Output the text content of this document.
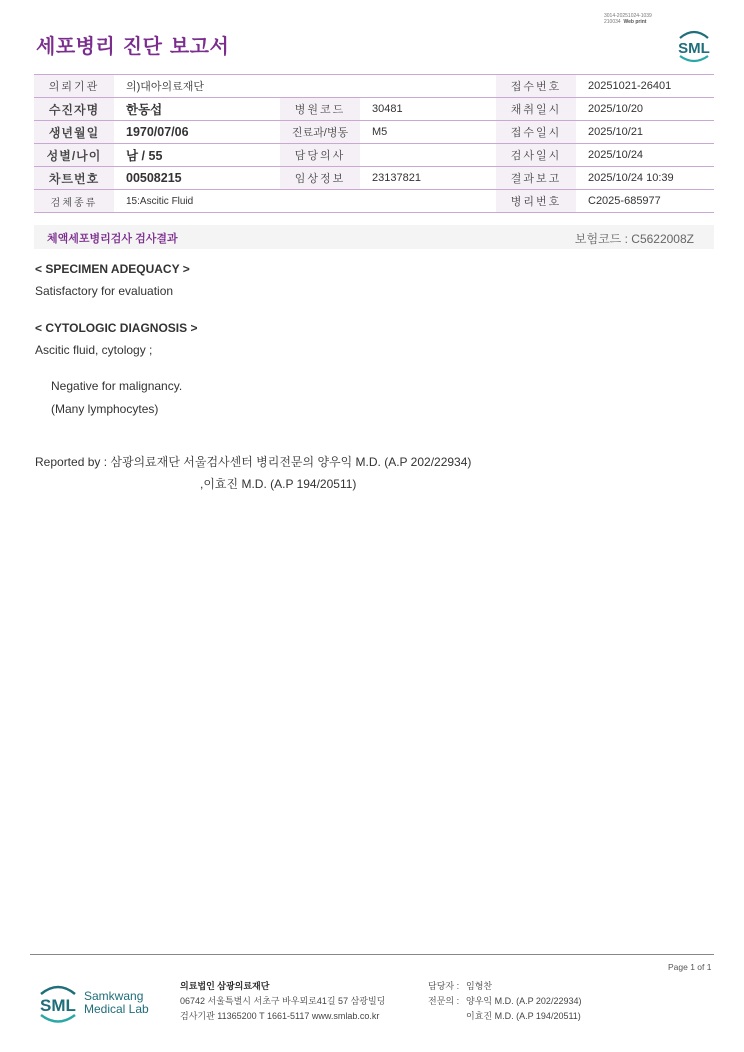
세포병리 진단 보고서
3014-20251024-1039
210034 Web print
SML
의뢰기관	의)대아의료재단			접수번호	20251021-26401
수진자명	한동섭	병원코드	30481	채취일시	2025/10/20
생년월일	1970/07/06	진료과/병동	M5	접수일시	2025/10/21
성별/나이	남 / 55	담당의사		검사일시	2025/10/24
차트번호	00508215	임상정보	23137821	결과보고	2025/10/24 10:39
검체종류	15:Ascitic Fluid			병리번호	C2025-685977
체액세포병리검사 검사결과	보험코드 : C5622008Z
< SPECIMEN ADEQUACY >
Satisfactory for evaluation
< CYTOLOGIC DIAGNOSIS >
Ascitic fluid, cytology ;
Negative for malignancy.
(Many lymphocytes)
Reported by : 삼광의료재단 서울검사센터 병리전문의 양우익 M.D. (A.P 202/22934)
,이효진 M.D. (A.P 194/20511)
Page 1 of 1
SML Samkwang
Medical Lab
의료법인 삼광의료재단
06742 서울특별시 서초구 바우뫼로41길 57 삼광빌딩
검사기관 11365200 T 1661-5117 www.smlab.co.kr
담당자 : 임형찬
전문의 : 양우익 M.D. (A.P 202/22934)
이효진 M.D. (A.P 194/20511)
